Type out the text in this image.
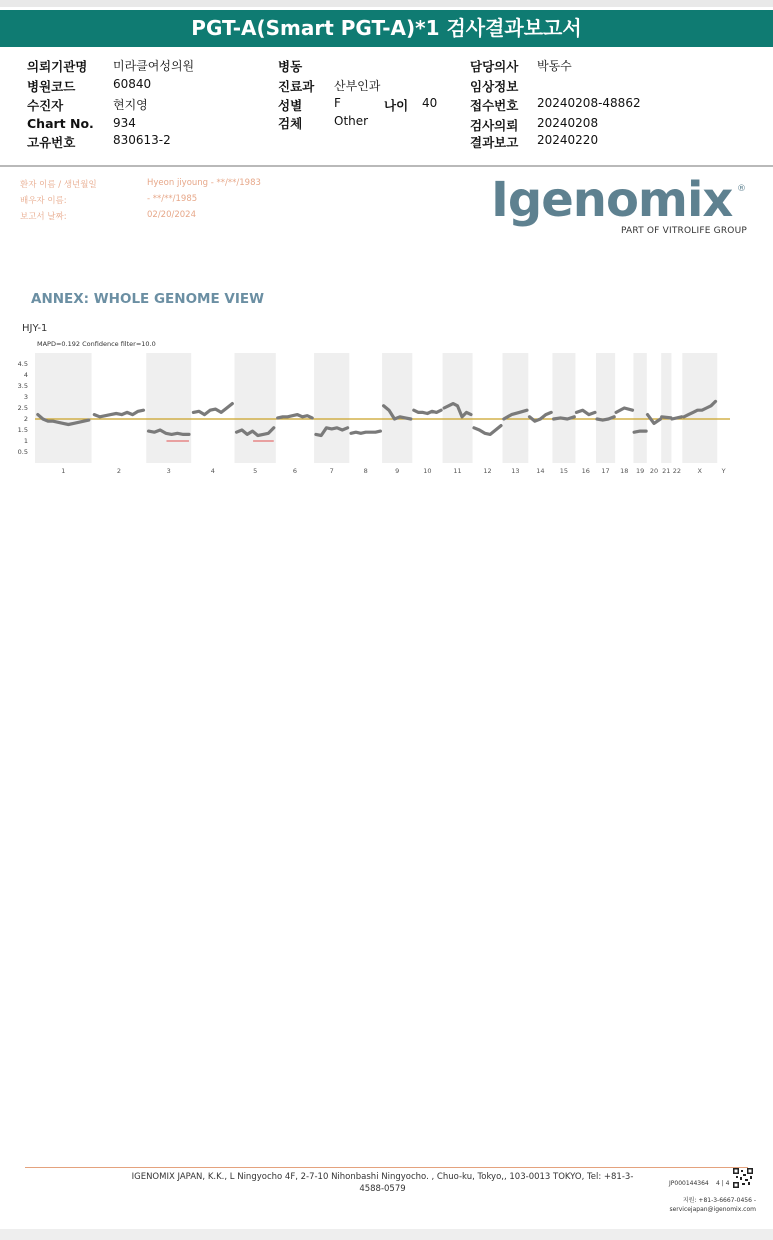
PGT-A(Smart PGT-A)*1 검사결과보고서
의뢰기관명 미라클여성의원
병원코드	60840
수진자	현지영
Chart No. 934
고유번호	830613-2
병동
진료과 산부인과
성별	F	나이 40
검체	Other
담당의사 박동수
임상정보
접수번호 20240208-48862
검사의뢰 20240208
결과보고 20240220
환자 이름 / 생년월일	Hyeon jiyoung - **/**/1983
배우자 이름:	- **/**/1985
보고서 날짜:	02/20/2024	Igenomix ®
PART OF VITROLIFE GROUP
ANNEX: WHOLE GENOME VIEW
HJY-1
MAPD=0.192 Confidence filter=10.0
1	2	3	4	5	6	7	8	9	10	11	12	13	14 15 16 17 18 19 20 21 22	X	Y
0.5
1
1.5
2
2.5
3
3.5
4
4.5
IGENOMIX JAPAN, K.K., L Ningyocho 4F, 2-7-10 Nihonbashi Ningyocho. , Chuo-ku, Tokyo,, 103-0013 TOKYO, Tel: +81-3-4588-0579
JP000144364 4 | 4
지원: +81-3-6667-0456 -
servicejapan@igenomix.com
